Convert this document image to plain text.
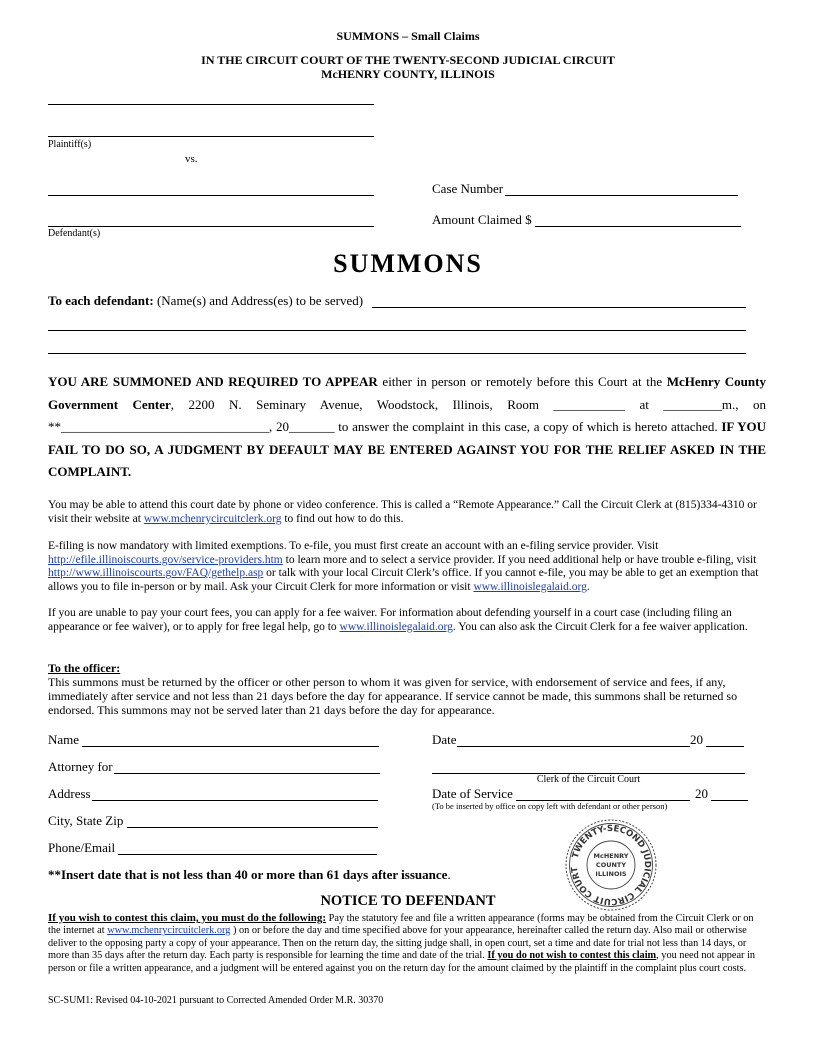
SUMMONS – Small Claims
IN THE CIRCUIT COURT OF THE TWENTY-SECOND JUDICIAL CIRCUIT
McHENRY COUNTY, ILLINOIS
Plaintiff(s)
vs.
Defendant(s)
Case Number
Amount Claimed $
SUMMONS
To each defendant: (Name(s) and Address(es) to be served)
YOU ARE SUMMONED AND REQUIRED TO APPEAR either in person or remotely before this Court at the McHenry County Government Center, 2200 N. Seminary Avenue, Woodstock, Illinois, Room ___________ at _________m., on **________________________________, 20_______ to answer the complaint in this case, a copy of which is hereto attached. IF YOU FAIL TO DO SO, A JUDGMENT BY DEFAULT MAY BE ENTERED AGAINST YOU FOR THE RELIEF ASKED IN THE COMPLAINT.
You may be able to attend this court date by phone or video conference. This is called a “Remote Appearance.” Call the Circuit Clerk at (815)334-4310 or visit their website at www.mchenrycircuitclerk.org to find out how to do this.
E-filing is now mandatory with limited exemptions. To e-file, you must first create an account with an e-filing service provider. Visit http://efile.illinoiscourts.gov/service-providers.htm to learn more and to select a service provider. If you need additional help or have trouble e-filing, visit http://www.illinoiscourts.gov/FAQ/gethelp.asp or talk with your local Circuit Clerk’s office. If you cannot e-file, you may be able to get an exemption that allows you to file in-person or by mail. Ask your Circuit Clerk for more information or visit www.illinoislegalaid.org.
If you are unable to pay your court fees, you can apply for a fee waiver. For information about defending yourself in a court case (including filing an appearance or fee waiver), or to apply for free legal help, go to www.illinoislegalaid.org. You can also ask the Circuit Clerk for a fee waiver application.
To the officer:
This summons must be returned by the officer or other person to whom it was given for service, with endorsement of service and fees, if any, immediately after service and not less than 21 days before the day for appearance. If service cannot be made, this summons shall be returned so endorsed. This summons may not be served later than 21 days before the day for appearance.
Name
Attorney for
Address
City, State Zip
Phone/Email
Date	20
Clerk of the Circuit Court
Date of Service	20
(To be inserted by office on copy left with defendant or other person)
TWENTY-SECOND JUDICIAL CIRCUIT COURT
McHENRY
COUNTY
ILLINOIS
**Insert date that is not less than 40 or more than 61 days after issuance.
NOTICE TO DEFENDANT
If you wish to contest this claim, you must do the following: Pay the statutory fee and file a written appearance (forms may be obtained from the Circuit Clerk or on the internet at www.mchenrycircuitclerk.org ) on or before the day and time specified above for your appearance, hereinafter called the return day. Also mail or otherwise deliver to the opposing party a copy of your appearance. Then on the return day, the sitting judge shall, in open court, set a time and date for trial not less than 14 days, or more than 35 days after the return day. Each party is responsible for learning the time and date of the trial. If you do not wish to contest this claim, you need not appear in person or file a written appearance, and a judgment will be entered against you on the return day for the amount claimed by the plaintiff in the complaint plus court costs.
SC-SUM1: Revised 04-10-2021 pursuant to Corrected Amended Order M.R. 30370
